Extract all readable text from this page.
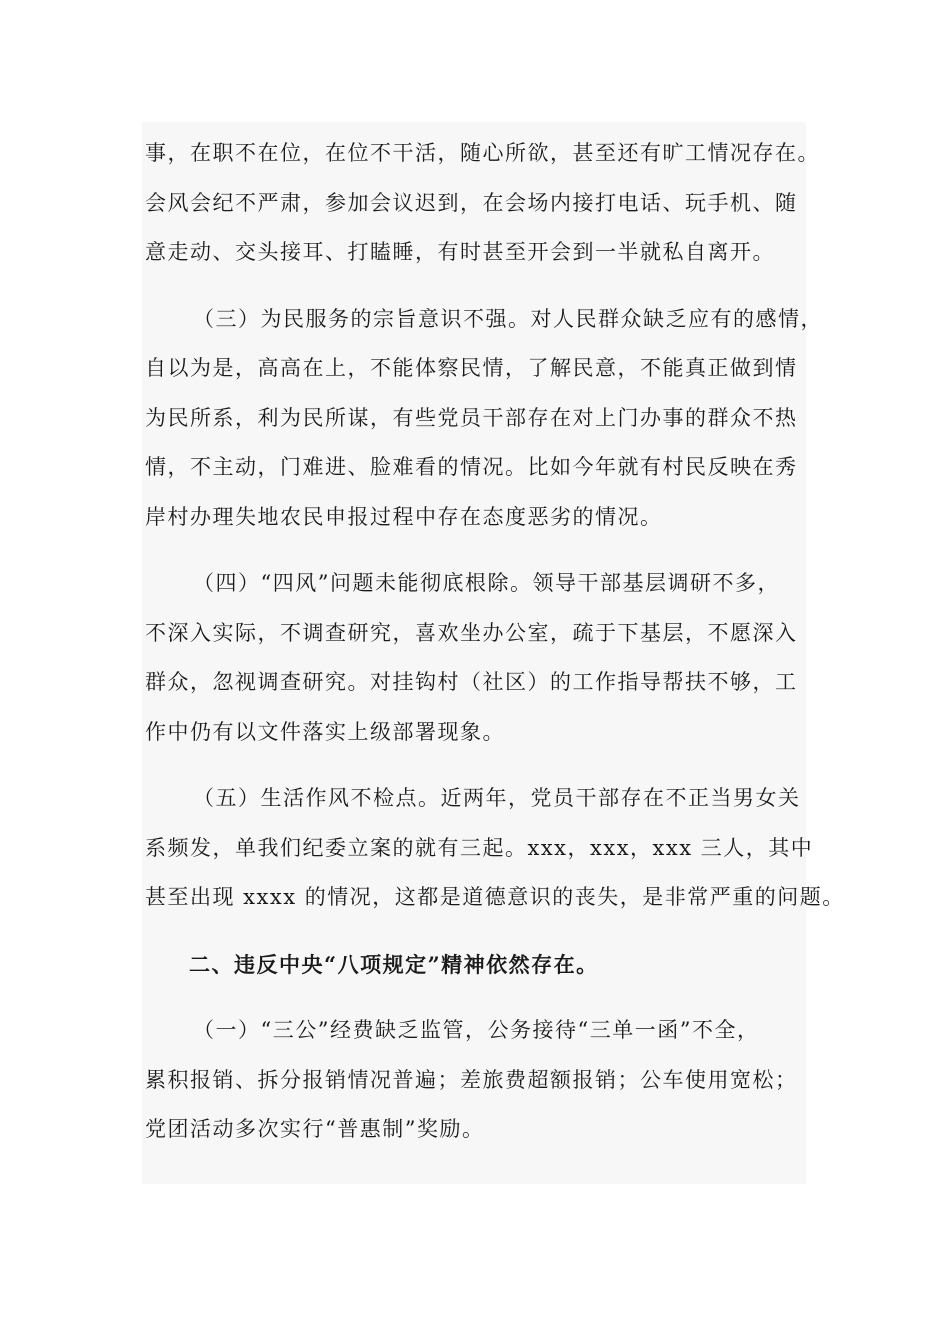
事，在职不在位，在位不干活，随心所欲，甚至还有旷工情况存在。
会风会纪不严肃，参加会议迟到，在会场内接打电话、玩手机、随
意走动、交头接耳、打瞌睡，有时甚至开会到一半就私自离开。
（三）为民服务的宗旨意识不强。对人民群众缺乏应有的感情，
自以为是，高高在上，不能体察民情，了解民意，不能真正做到情
为民所系，利为民所谋，有些党员干部存在对上门办事的群众不热
情，不主动，门难进、脸难看的情况。比如今年就有村民反映在秀
岸村办理失地农民申报过程中存在态度恶劣的情况。
（四）“四风”问题未能彻底根除。领导干部基层调研不多，
不深入实际，不调查研究，喜欢坐办公室，疏于下基层，不愿深入
群众，忽视调查研究。对挂钩村（社区）的工作指导帮扶不够，工
作中仍有以文件落实上级部署现象。
（五）生活作风不检点。近两年，党员干部存在不正当男女关
系频发，单我们纪委立案的就有三起。xxx，xxx，xxx 三人，其中
甚至出现 xxxx 的情况，这都是道德意识的丧失，是非常严重的问题。
二、违反中央“八项规定”精神依然存在。
（一）“三公”经费缺乏监管，公务接待“三单一函”不全，
累积报销、拆分报销情况普遍；差旅费超额报销；公车使用宽松；
党团活动多次实行“普惠制”奖励。
